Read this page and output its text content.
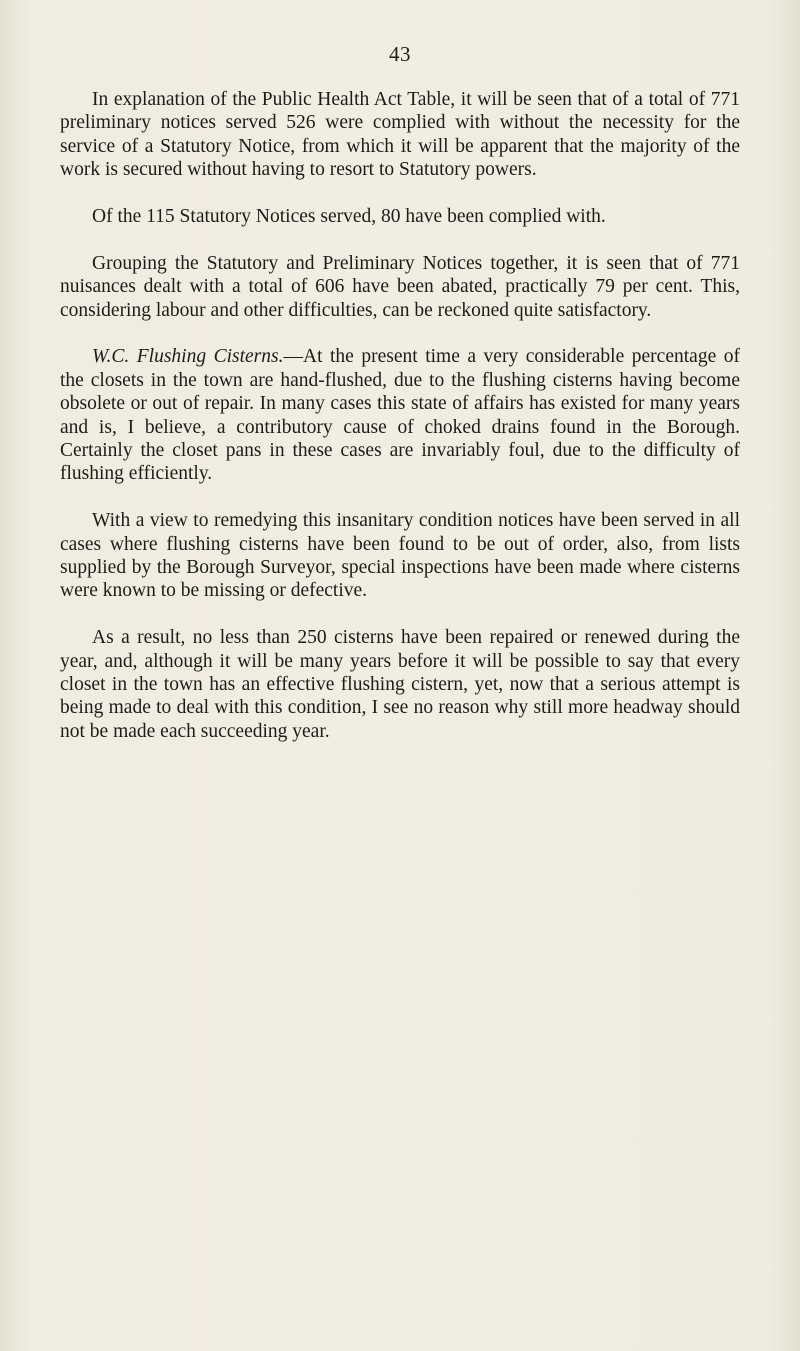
43

In explanation of the Public Health Act Table, it will be seen that of a total of 771 preliminary notices served 526 were complied with without the necessity for the service of a Statutory Notice, from which it will be apparent that the majority of the work is secured without having to resort to Statutory powers.

Of the 115 Statutory Notices served, 80 have been complied with.

Grouping the Statutory and Preliminary Notices together, it is seen that of 771 nuisances dealt with a total of 606 have been abated, practically 79 per cent. This, considering labour and other difficulties, can be reckoned quite satisfactory.

W.C. Flushing Cisterns.—At the present time a very considerable percentage of the closets in the town are hand-flushed, due to the flushing cisterns having become obsolete or out of repair. In many cases this state of affairs has existed for many years and is, I believe, a contributory cause of choked drains found in the Borough. Certainly the closet pans in these cases are invariably foul, due to the difficulty of flushing efficiently.

With a view to remedying this insanitary condition notices have been served in all cases where flushing cisterns have been found to be out of order, also, from lists supplied by the Borough Surveyor, special inspections have been made where cisterns were known to be missing or defective.

As a result, no less than 250 cisterns have been repaired or renewed during the year, and, although it will be many years before it will be possible to say that every closet in the town has an effective flushing cistern, yet, now that a serious attempt is being made to deal with this condition, I see no reason why still more headway should not be made each succeeding year.
